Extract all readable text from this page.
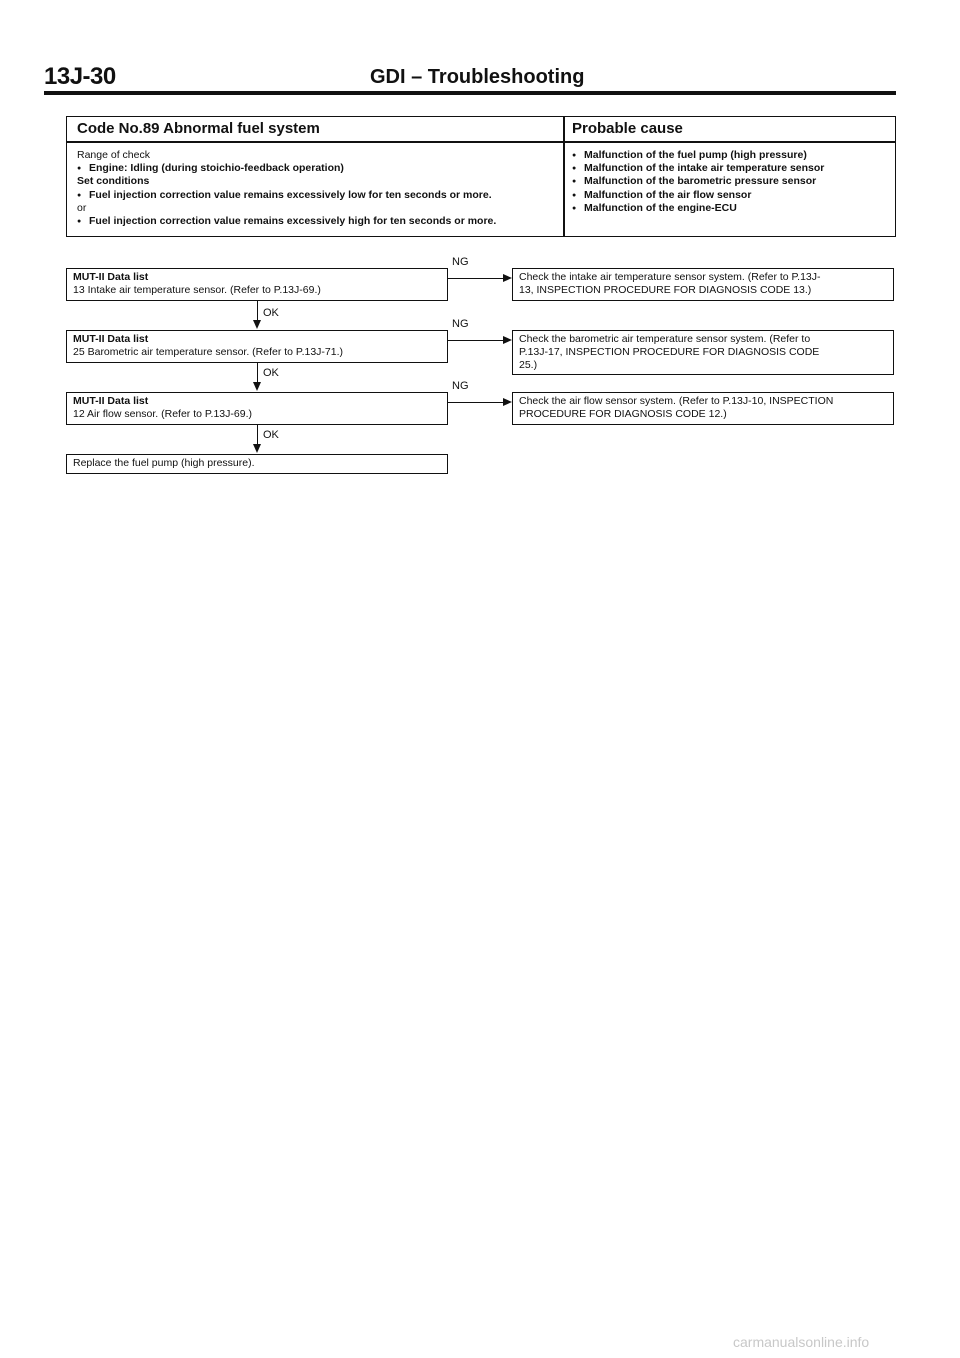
13J-30	GDI – Troubleshooting
Code No.89 Abnormal fuel system	Probable cause
Range of check
● Engine: Idling (during stoichio-feedback operation)
Set conditions
● Fuel injection correction value remains excessively low for ten seconds or more.
or
● Fuel injection correction value remains excessively high for ten seconds or more.
● Malfunction of the fuel pump (high pressure)
● Malfunction of the intake air temperature sensor
● Malfunction of the barometric pressure sensor
● Malfunction of the air flow sensor
● Malfunction of the engine-ECU
MUT-II Data list
13 Intake air temperature sensor. (Refer to P.13J-69.)
NG
Check the intake air temperature sensor system. (Refer to P.13J-
13, INSPECTION PROCEDURE FOR DIAGNOSIS CODE 13.)
OK
MUT-II Data list
25 Barometric air temperature sensor. (Refer to P.13J-71.)
NG
Check the barometric air temperature sensor system. (Refer to
P.13J-17, INSPECTION PROCEDURE FOR DIAGNOSIS CODE
25.)
OK
MUT-II Data list
12 Air flow sensor. (Refer to P.13J-69.)
NG
Check the air flow sensor system. (Refer to P.13J-10, INSPECTION
PROCEDURE FOR DIAGNOSIS CODE 12.)
OK
Replace the fuel pump (high pressure).
carmanualsonline.info
